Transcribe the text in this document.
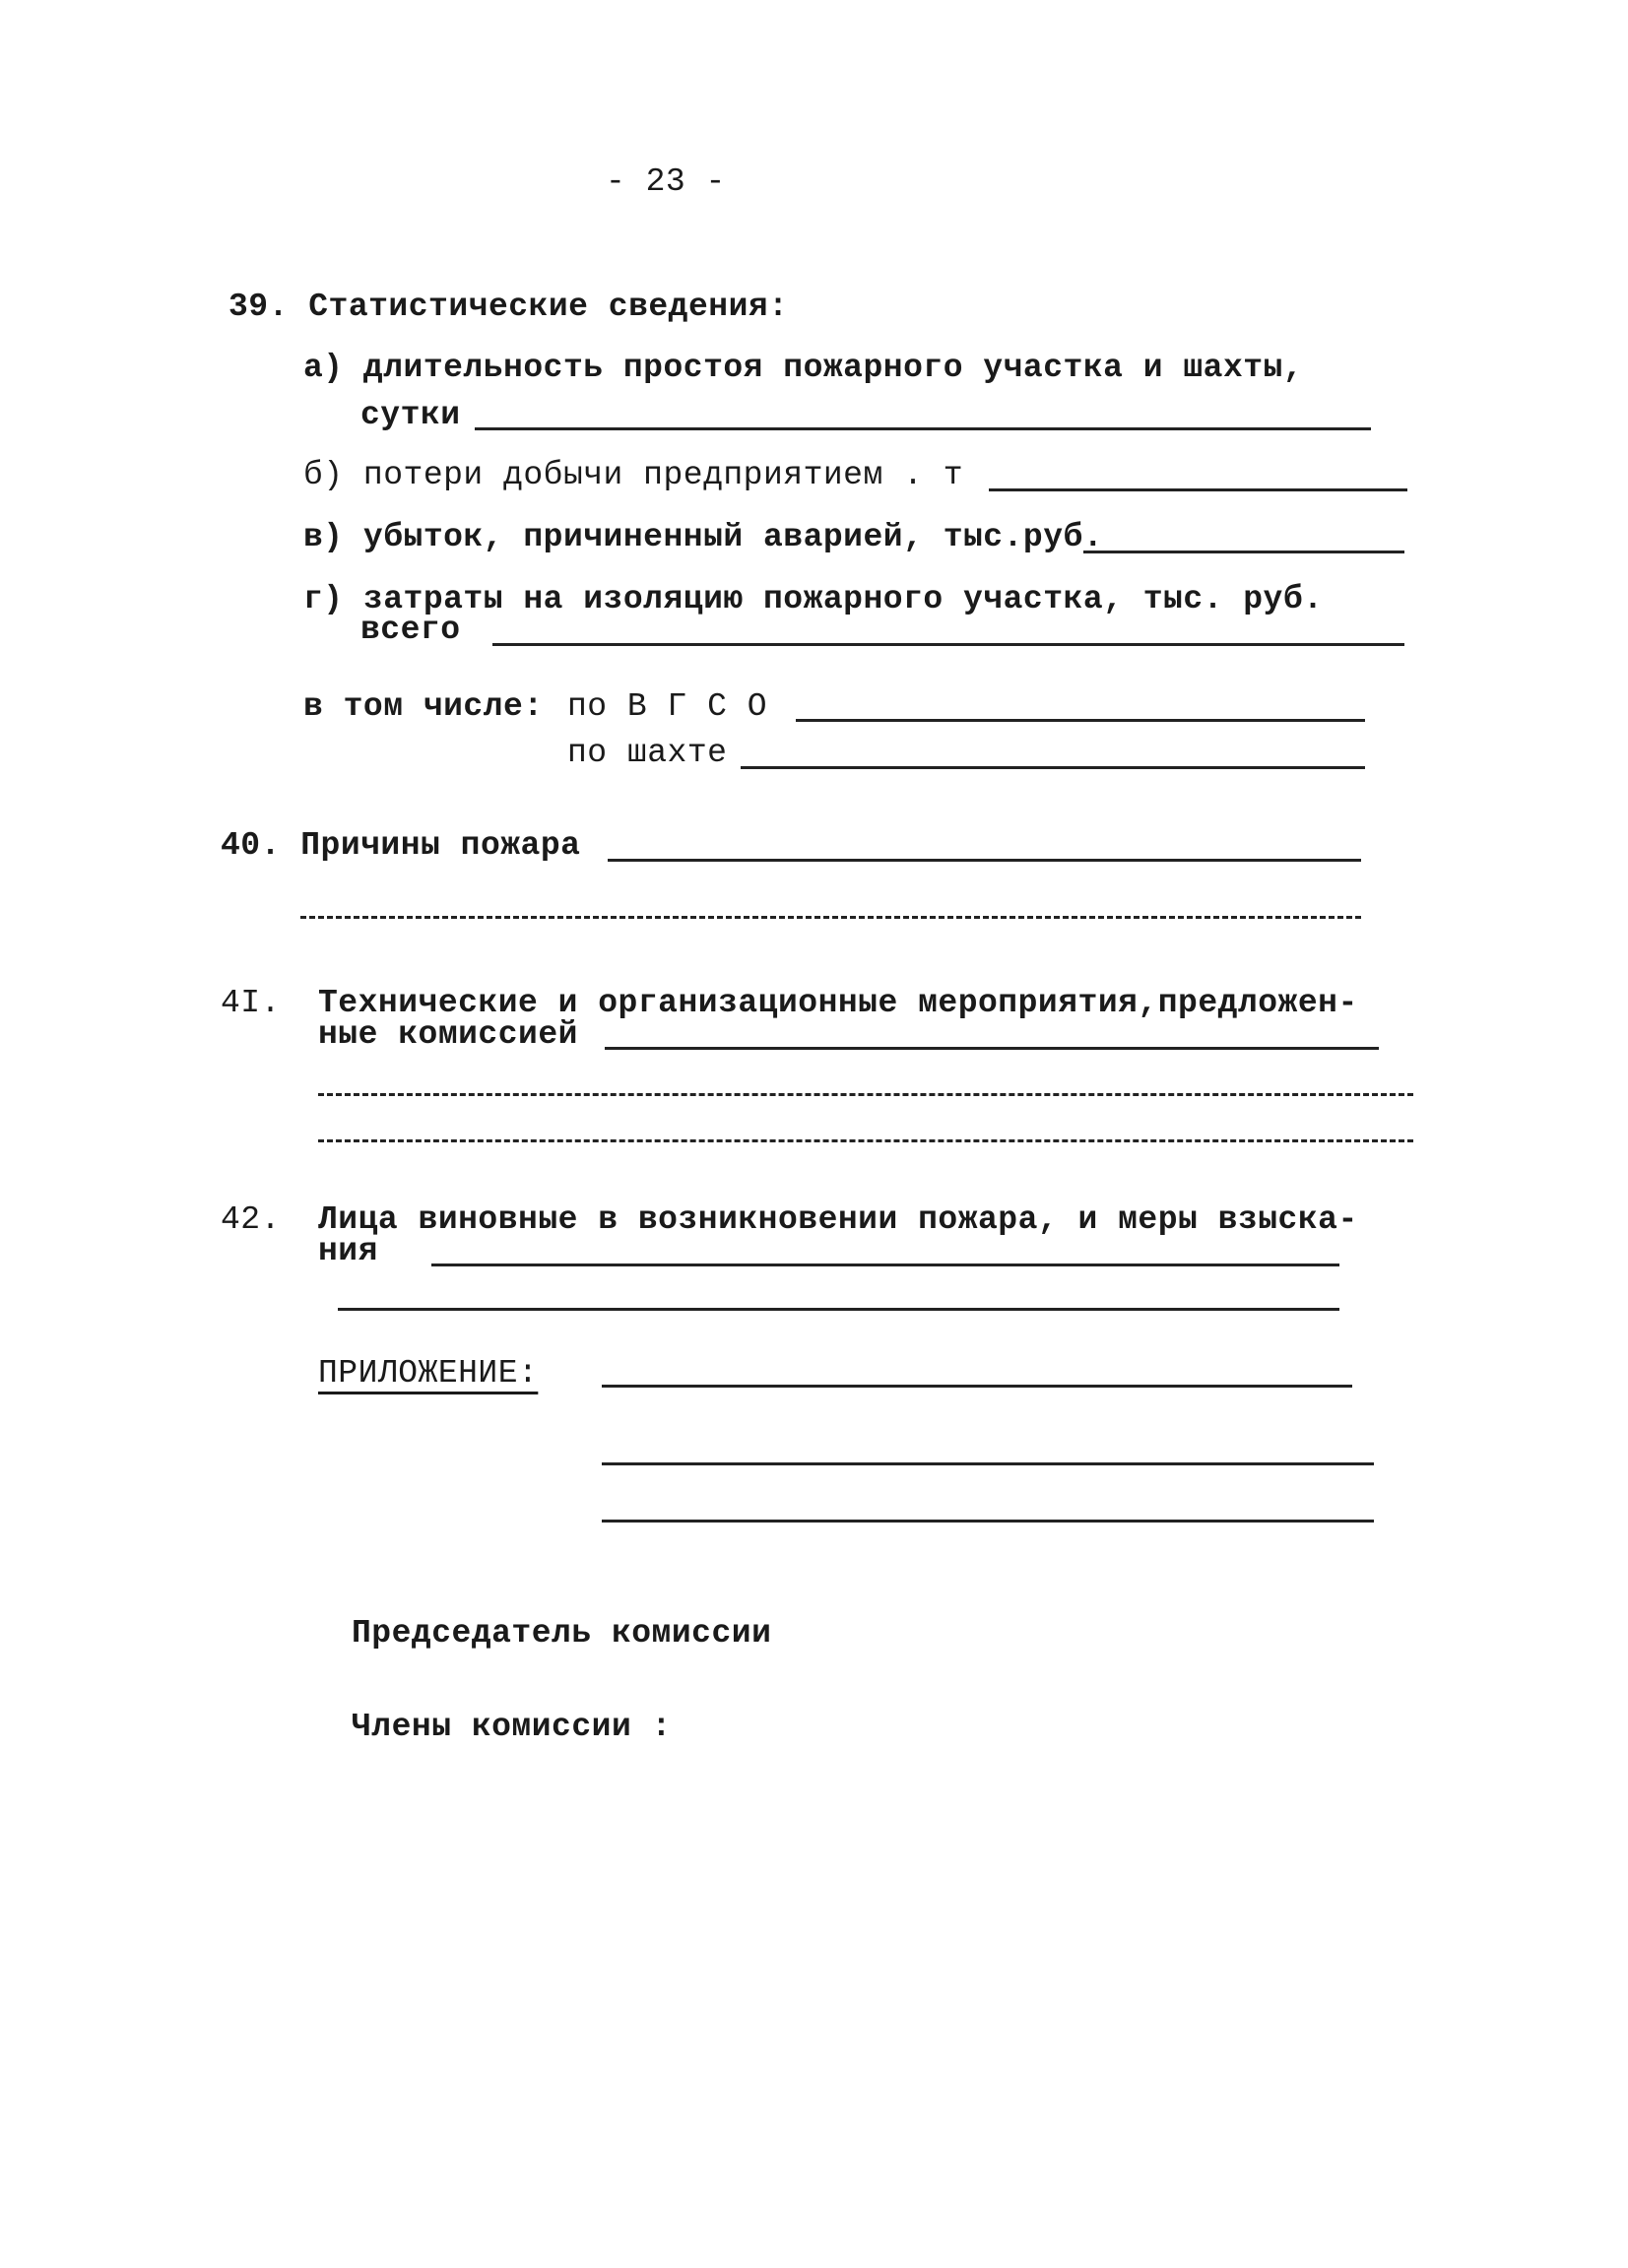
- 23 -
39. Статистические сведения:
а) длительность простоя пожарного участка и шахты,
сутки
б) потери добычи предприятием . т
в) убыток, причиненный аварией, тыс.руб.
г) затраты на изоляцию пожарного участка, тыс. руб.
всего
в том числе: по В Г С О
по шахте
40. Причины пожара
4I. Технические и организационные мероприятия,предложен-
ные комиссией
42. Лица виновные в возникновении пожара, и меры взыска-
ния
ПРИЛОЖЕНИЕ:
Председатель комиссии
Члены комиссии :
